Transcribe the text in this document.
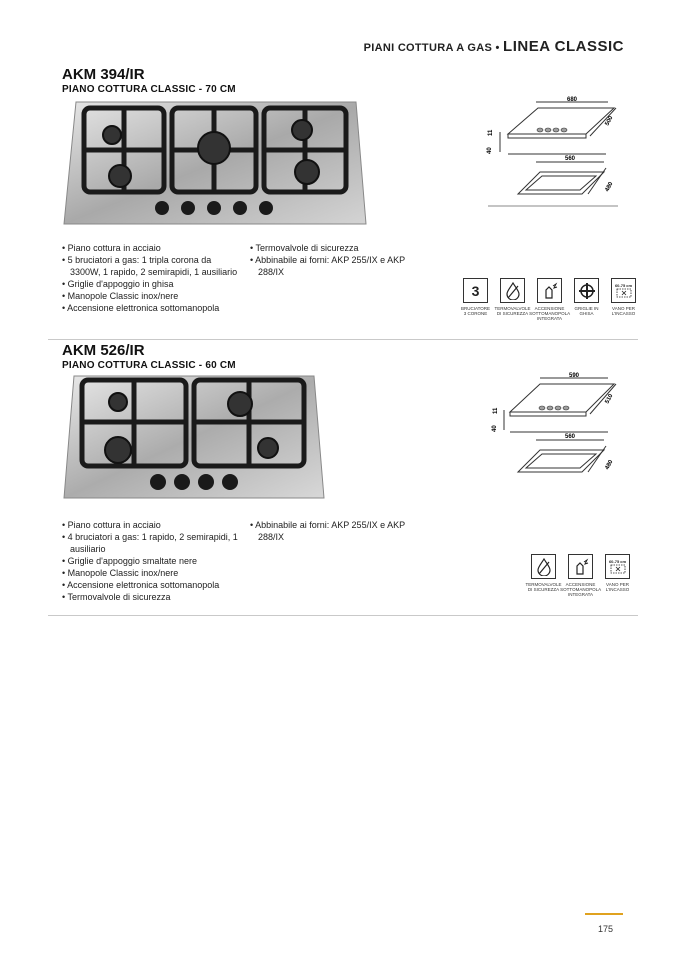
PIANI COTTURA A GAS • LINEA CLASSIC
AKM 394/IR
PIANO COTTURA CLASSIC - 70 CM
680
500
40
11
560
480
• Piano cottura in acciaio
• 5 bruciatori a gas: 1 tripla corona da 3300W, 1 rapido, 2 semirapidi, 1 ausiliario
• Griglie d'appoggio in ghisa
• Manopole Classic inox/nere
• Accensione elettronica sottomanopola
• Termovalvole di sicurezza
• Abbinabile ai forni: AKP 255/IX e AKP 288/IX
3
BRUCIATORE 3 CORONE
TERMOVALVOLE DI SICUREZZA
ACCENSIONE SOTTOMANOPOLA INTEGRATA
GRIGLIE IN GHISA
60-75 cm
VANO PER L'INCASSO
AKM 526/IR
PIANO COTTURA CLASSIC - 60 CM
590
510
40
11
560
480
• Piano cottura in acciaio
• 4 bruciatori a gas: 1 rapido, 2 semirapidi, 1 ausiliario
• Griglie d'appoggio smaltate nere
• Manopole Classic inox/nere
• Accensione elettronica sottomanopola
• Termovalvole di sicurezza
• Abbinabile ai forni: AKP 255/IX e AKP 288/IX
TERMOVALVOLE DI SICUREZZA
ACCENSIONE SOTTOMANOPOLA INTEGRATA
60-75 cm
VANO PER L'INCASSO
175
